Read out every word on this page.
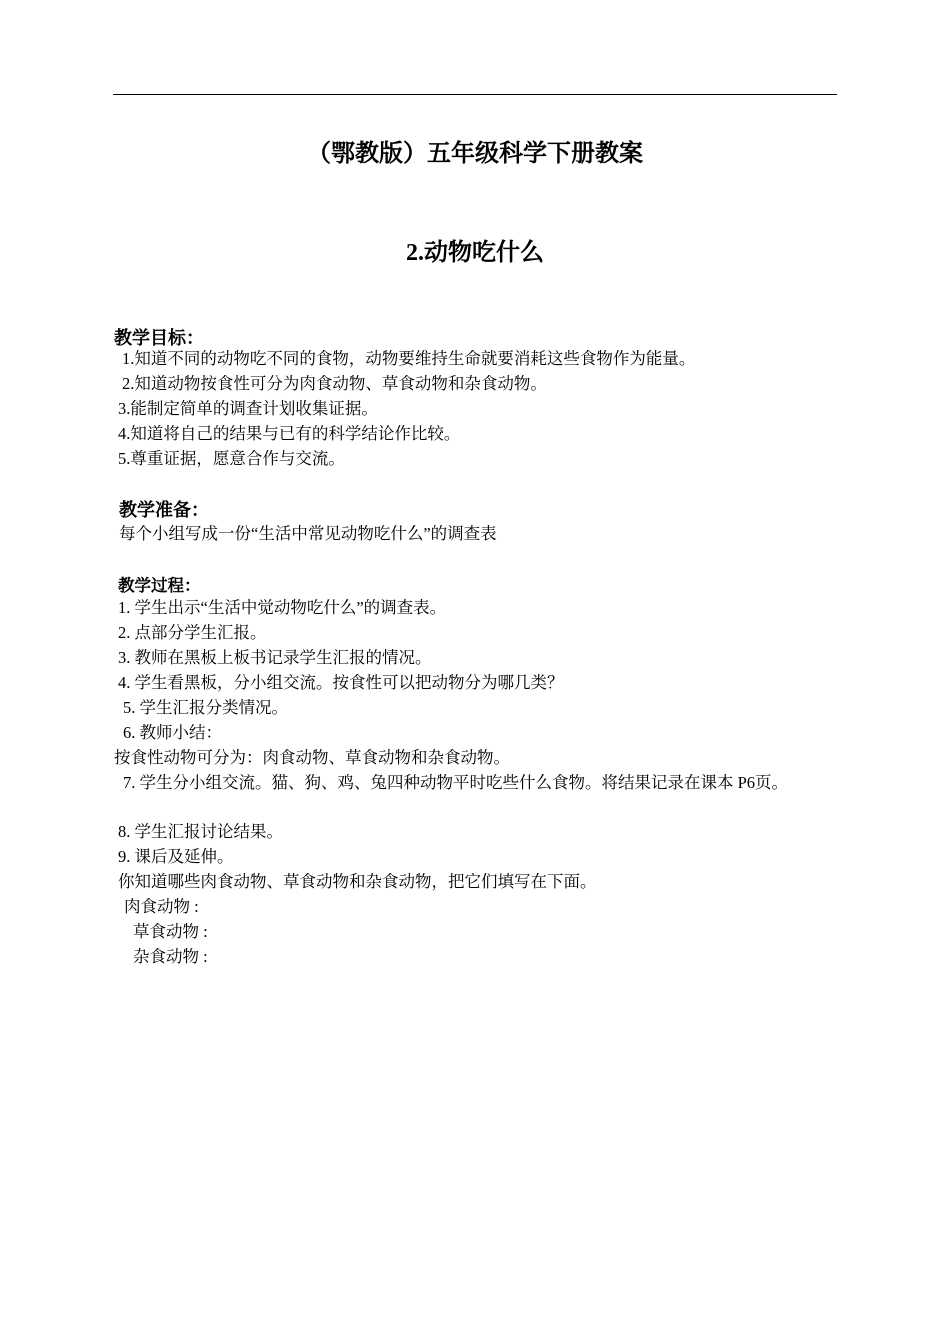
（鄂教版）五年级科学下册教案
2.动物吃什么
教学目标：
1.知道不同的动物吃不同的食物，动物要维持生命就要消耗这些食物作为能量。
2.知道动物按食性可分为肉食动物、草食动物和杂食动物。
3.能制定简单的调查计划收集证据。
4.知道将自己的结果与已有的科学结论作比较。
5.尊重证据，愿意合作与交流。
教学准备：
每个小组写成一份“生活中常见动物吃什么”的调查表
教学过程：
1. 学生出示“生活中觉动物吃什么”的调查表。
2. 点部分学生汇报。
3. 教师在黑板上板书记录学生汇报的情况。
4. 学生看黑板，分小组交流。按食性可以把动物分为哪几类？
5. 学生汇报分类情况。
6. 教师小结：
按食性动物可分为：肉食动物、草食动物和杂食动物。
7. 学生分小组交流。猫、狗、鸡、兔四种动物平时吃些什么食物。将结果记录在课本 P6页。
8. 学生汇报讨论结果。
9. 课后及延伸。
你知道哪些肉食动物、草食动物和杂食动物，把它们填写在下面。
肉食动物 :
草食动物 :
杂食动物 :
